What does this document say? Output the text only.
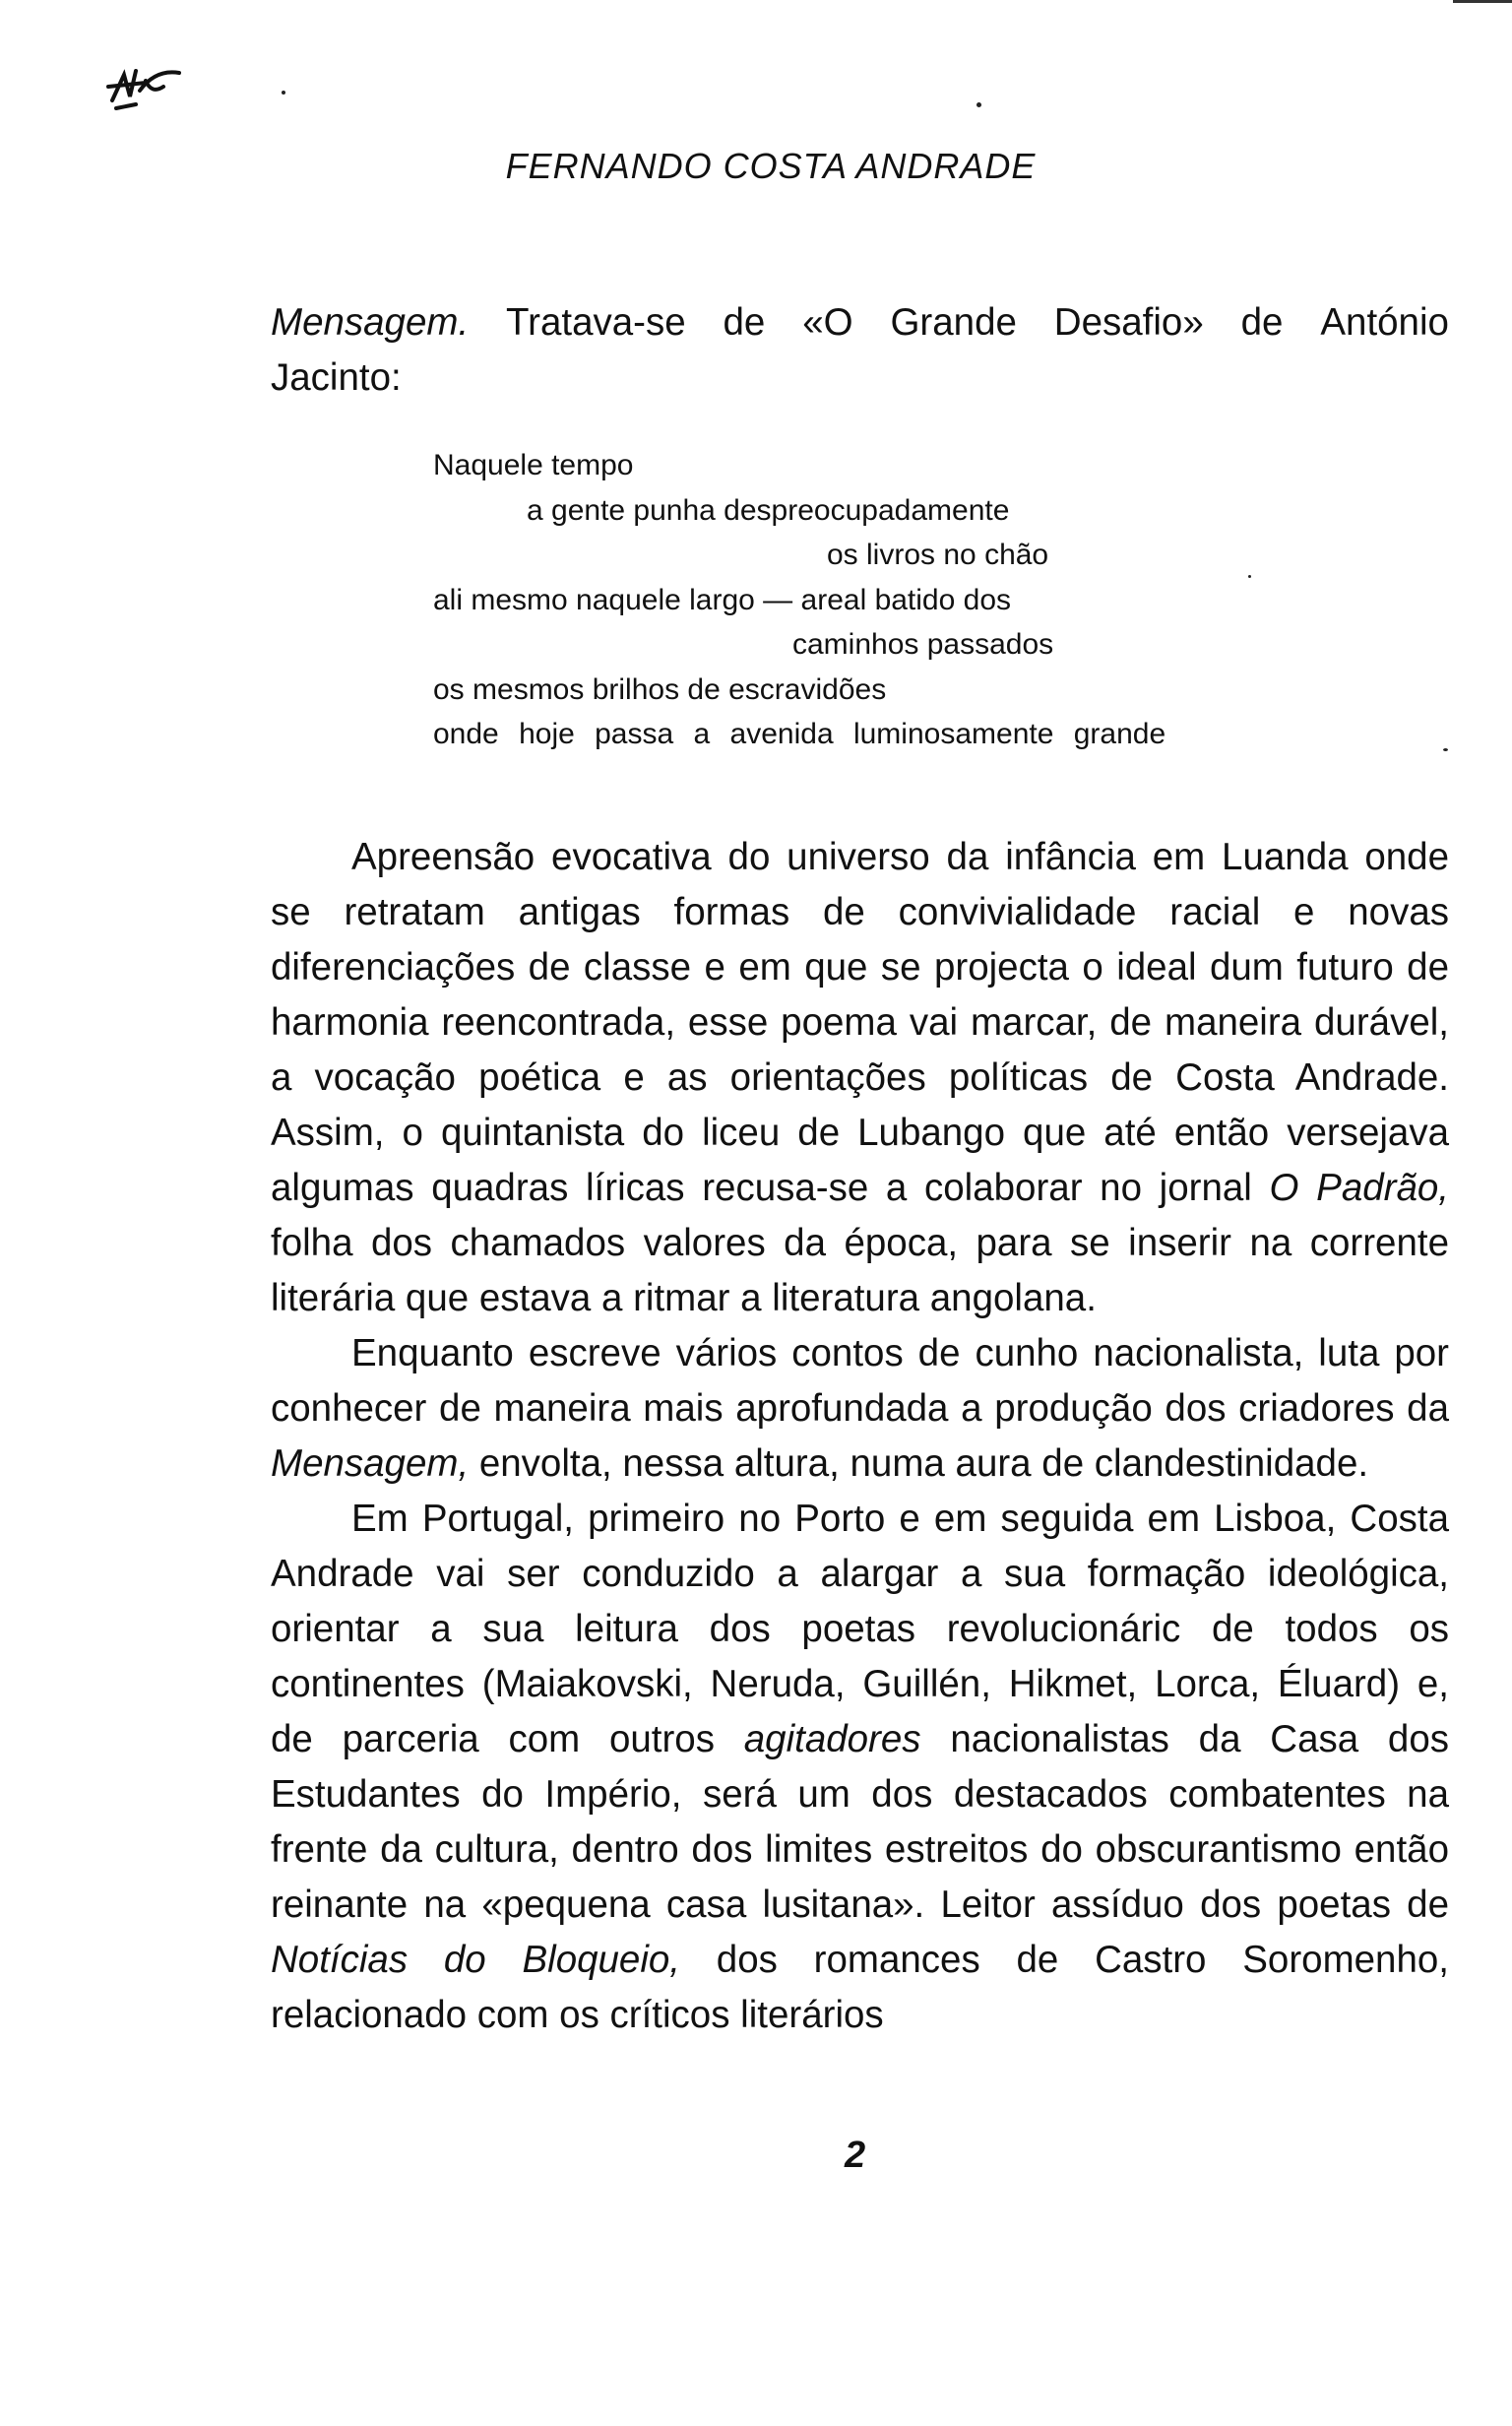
FERNANDO COSTA ANDRADE
Mensagem. Tratava-se de «O Grande Desafio» de António
Jacinto:
Naquele tempo
a gente punha despreocupadamente
os livros no chão
ali mesmo naquele largo — areal batido dos
caminhos passados
os mesmos brilhos de escravidões
onde hoje passa a avenida luminosamente grande

Apreensão evocativa do universo da infância em Luanda onde se retratam antigas formas de convivialidade racial e novas diferenciações de classe e em que se projecta o ideal dum futuro de harmonia reencontrada, esse poema vai marcar, de maneira durável, a vocação poética e as orientações políticas de Costa Andrade. Assim, o quintanista do liceu de Lubango que até então versejava algumas quadras líricas recusa-se a colaborar no jornal O Padrão, folha dos chamados valores da época, para se inserir na corrente literária que estava a ritmar a literatura angolana.

Enquanto escreve vários contos de cunho nacionalista, luta por conhecer de maneira mais aprofundada a produção dos criadores da Mensagem, envolta, nessa altura, numa aura de clandestinidade.

Em Portugal, primeiro no Porto e em seguida em Lisboa, Costa Andrade vai ser conduzido a alargar a sua formação ideológica, orientar a sua leitura dos poetas revolucionáric de todos os continentes (Maiakovski, Neruda, Guillén, Hikmet, Lorca, Éluard) e, de parceria com outros agitadores nacionalistas da Casa dos Estudantes do Império, será um dos destacados combatentes na frente da cultura, dentro dos limites estreitos do obscurantismo então reinante na «pequena casa lusitana». Leitor assíduo dos poetas de Notícias do Bloqueio, dos romances de Castro Soromenho, relacionado com os críticos literários

2
